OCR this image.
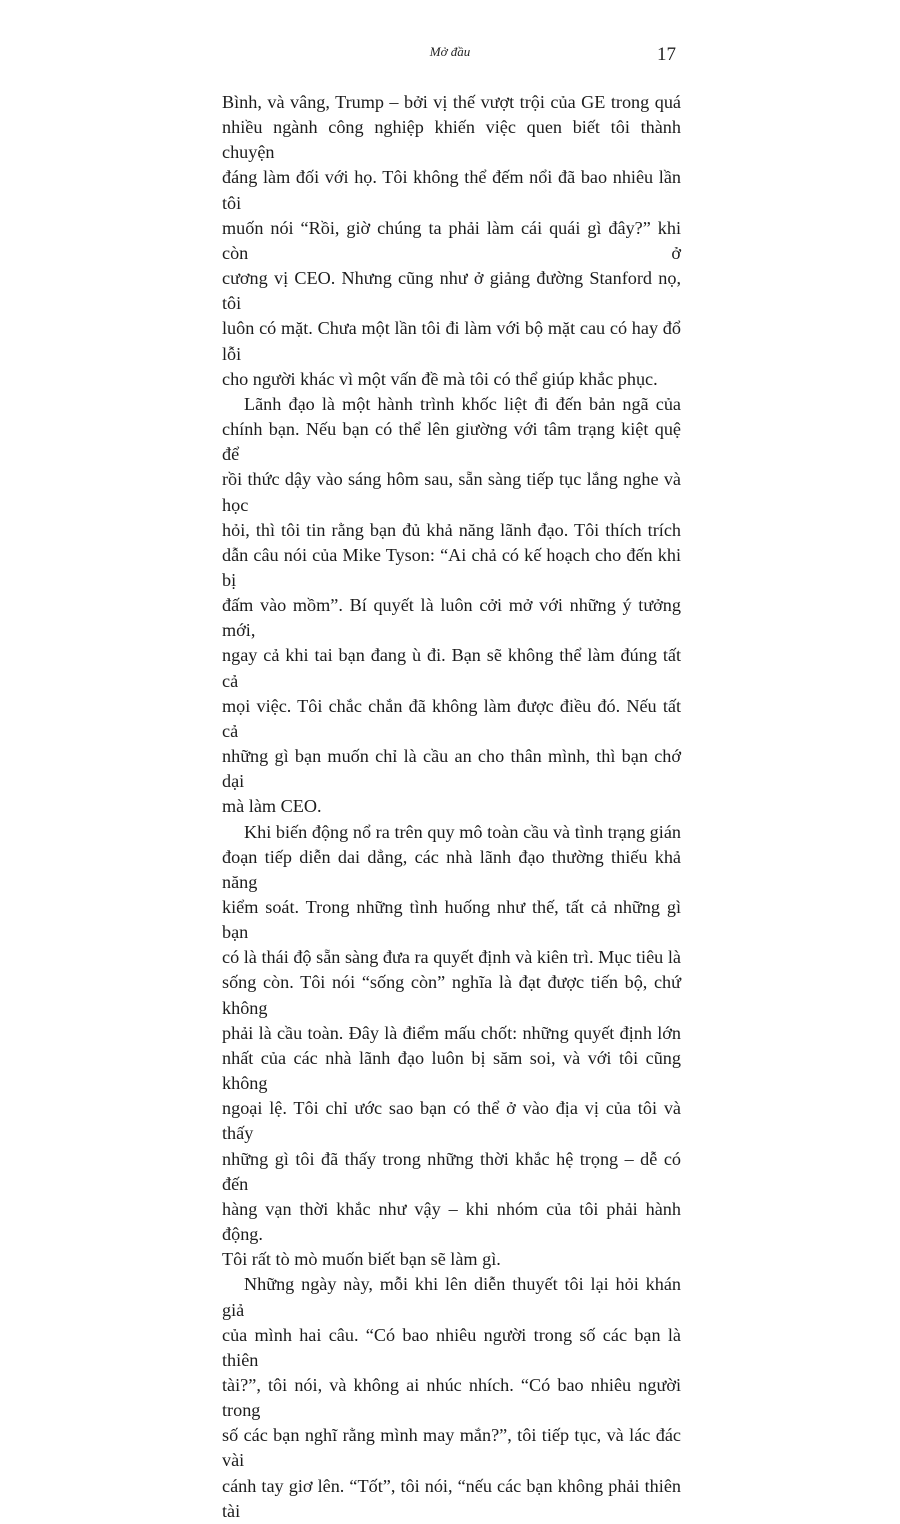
Mở đầu	17

Bình, và vâng, Trump – bởi vị thế vượt trội của GE trong quá

nhiều ngành công nghiệp khiến việc quen biết tôi thành chuyện

đáng làm đối với họ. Tôi không thể đếm nổi đã bao nhiêu lần tôi

muốn nói “Rồi, giờ chúng ta phải làm cái quái gì đây?” khi còn ở

cương vị CEO. Nhưng cũng như ở giảng đường Stanford nọ, tôi

luôn có mặt. Chưa một lần tôi đi làm với bộ mặt cau có hay đổ lỗi

cho người khác vì một vấn đề mà tôi có thể giúp khắc phục.

Lãnh đạo là một hành trình khốc liệt đi đến bản ngã của

chính bạn. Nếu bạn có thể lên giường với tâm trạng kiệt quệ để

rồi thức dậy vào sáng hôm sau, sẵn sàng tiếp tục lắng nghe và học

hỏi, thì tôi tin rằng bạn đủ khả năng lãnh đạo. Tôi thích trích

dẫn câu nói của Mike Tyson: “Ai chả có kế hoạch cho đến khi bị

đấm vào mồm”. Bí quyết là luôn cởi mở với những ý tưởng mới,

ngay cả khi tai bạn đang ù đi. Bạn sẽ không thể làm đúng tất cả

mọi việc. Tôi chắc chắn đã không làm được điều đó. Nếu tất cả

những gì bạn muốn chỉ là cầu an cho thân mình, thì bạn chớ dại

mà làm CEO.

Khi biến động nổ ra trên quy mô toàn cầu và tình trạng gián

đoạn tiếp diễn dai dẳng, các nhà lãnh đạo thường thiếu khả năng

kiểm soát. Trong những tình huống như thế, tất cả những gì bạn

có là thái độ sẵn sàng đưa ra quyết định và kiên trì. Mục tiêu là

sống còn. Tôi nói “sống còn” nghĩa là đạt được tiến bộ, chứ không

phải là cầu toàn. Đây là điểm mấu chốt: những quyết định lớn

nhất của các nhà lãnh đạo luôn bị săm soi, và với tôi cũng không

ngoại lệ. Tôi chỉ ước sao bạn có thể ở vào địa vị của tôi và thấy

những gì tôi đã thấy trong những thời khắc hệ trọng – dễ có đến

hàng vạn thời khắc như vậy – khi nhóm của tôi phải hành động.

Tôi rất tò mò muốn biết bạn sẽ làm gì.

Những ngày này, mỗi khi lên diễn thuyết tôi lại hỏi khán giả

của mình hai câu. “Có bao nhiêu người trong số các bạn là thiên

tài?”, tôi nói, và không ai nhúc nhích. “Có bao nhiêu người trong

số các bạn nghĩ rằng mình may mắn?”, tôi tiếp tục, và lác đác vài

cánh tay giơ lên. “Tốt”, tôi nói, “nếu các bạn không phải thiên tài
